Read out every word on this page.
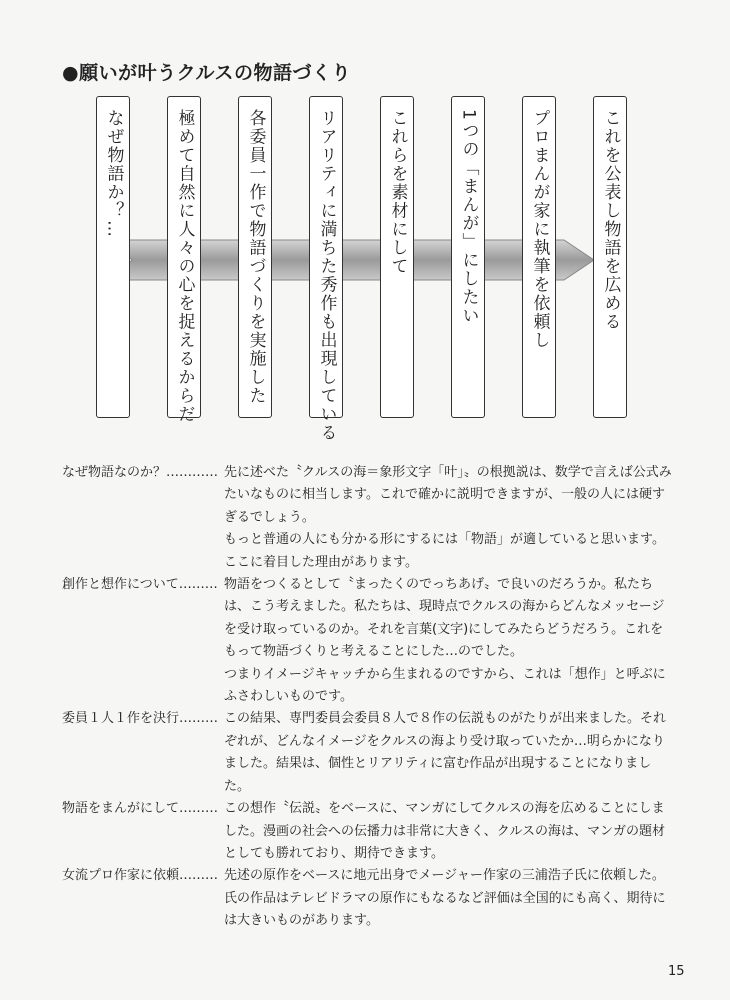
●願いが叶うクルスの物語づくり
なぜ物語か？…	極めて自然に人々の心を捉えるからだ	各委員一作で物語づくりを実施した	リアリティに満ちた秀作も出現している	これらを素材にして	1つの「まんが」にしたい	プロまんが家に執筆を依頼し	これを公表し物語を広める
なぜ物語なのか？………… 先に述べた〝クルスの海＝象形文字「叶」〟の根拠説は、数学で言えば公式みたいなものに相当します。これで確かに説明できますが、一般の人には硬すぎるでしょう。

もっと普通の人にも分かる形にするには「物語」が適していると思います。ここに着目した理由があります。

創作と想作について……… 物語をつくるとして〝まったくのでっちあげ〟で良いのだろうか。私たちは、こう考えました。私たちは、現時点でクルスの海からどんなメッセージを受け取っているのか。それを言葉(文字)にしてみたらどうだろう。これをもって物語づくりと考えることにした…のでした。

つまりイメージキャッチから生まれるのですから、これは「想作」と呼ぶにふさわしいものです。

委員１人１作を決行……… この結果、専門委員会委員８人で８作の伝説ものがたりが出来ました。それぞれが、どんなイメージをクルスの海より受け取っていたか…明らかになりました。結果は、個性とリアリティに富む作品が出現することになりました。

物語をまんがにして……… この想作〝伝説〟をベースに、マンガにしてクルスの海を広めることにしました。漫画の社会への伝播力は非常に大きく、クルスの海は、マンガの題材としても勝れており、期待できます。

女流プロ作家に依頼……… 先述の原作をベースに地元出身でメージャー作家の三浦浩子氏に依頼した。氏の作品はテレビドラマの原作にもなるなど評価は全国的にも高く、期待には大きいものがあります。

15
